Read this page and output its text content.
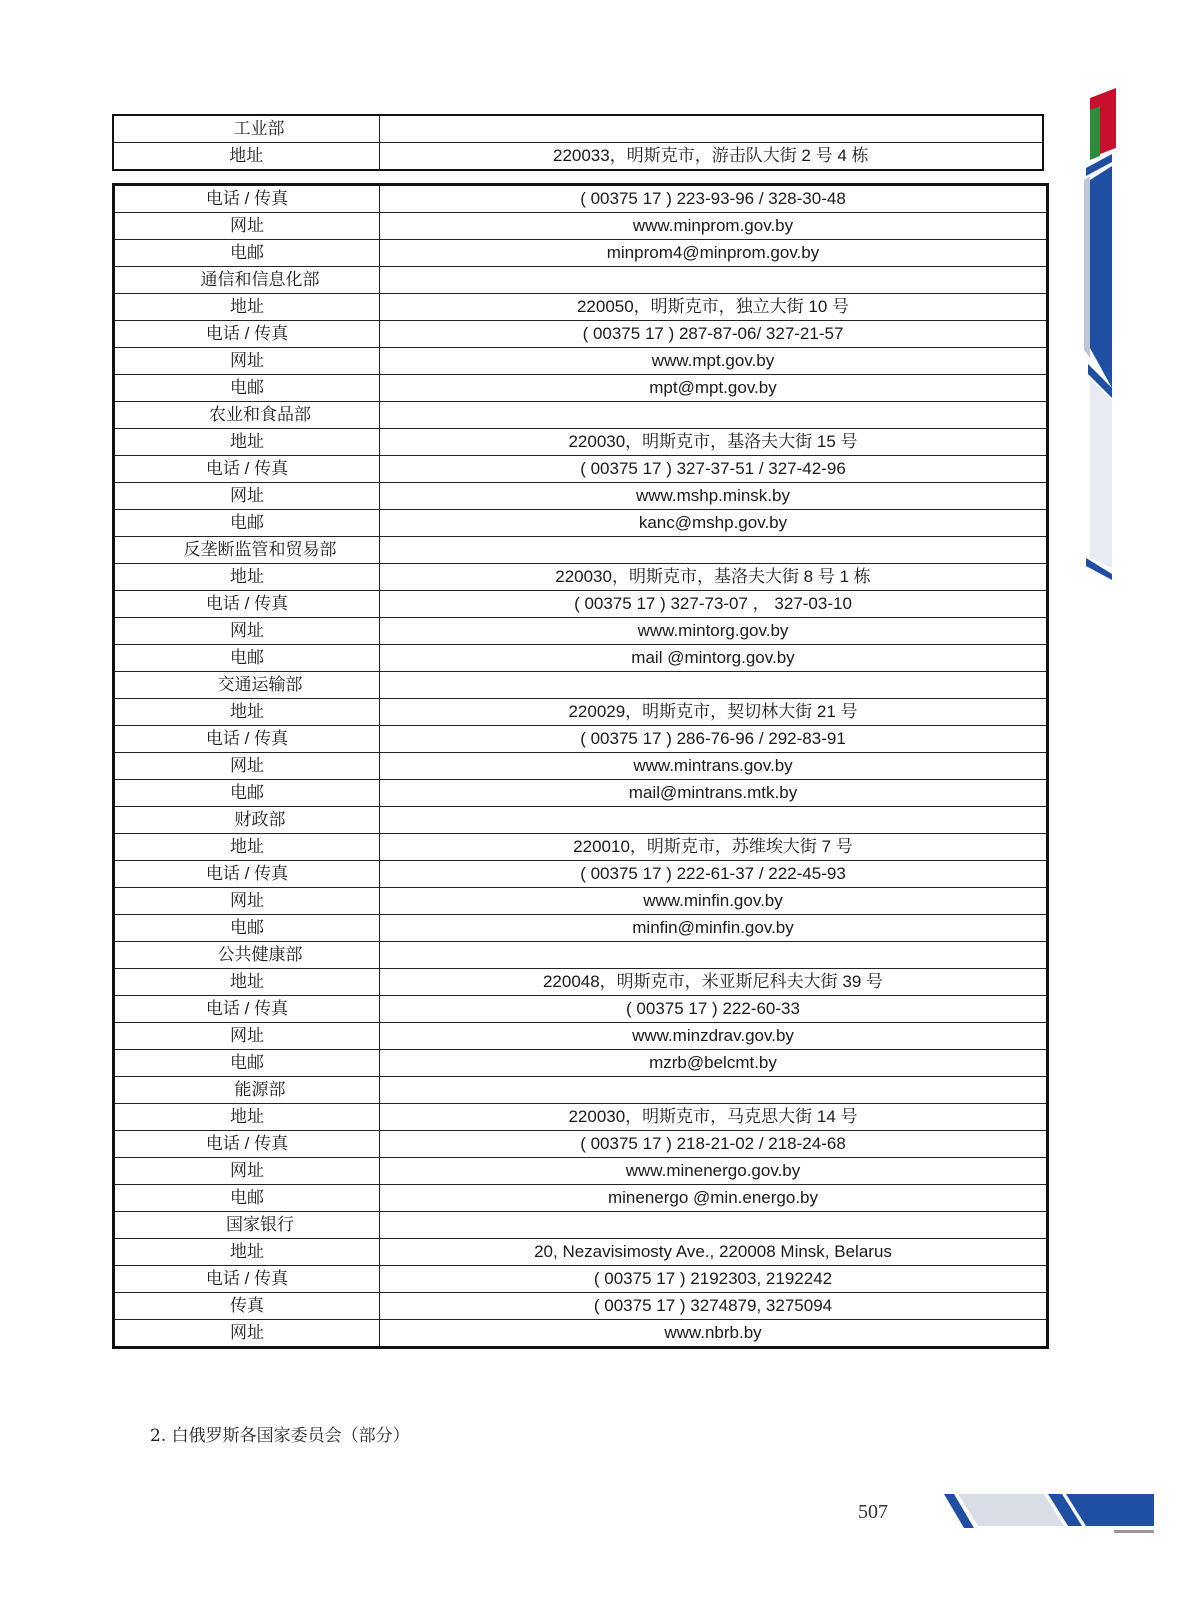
工业部	
地址	220033，明斯克市，游击队大街 2 号 4 栋
电话 / 传真	( 00375 17 ) 223-93-96 / 328-30-48
网址	www.minprom.gov.by
电邮	minprom4@minprom.gov.by
通信和信息化部	
地址	220050，明斯克市，独立大街 10 号
电话 / 传真	( 00375 17 ) 287-87-06/ 327-21-57
网址	www.mpt.gov.by
电邮	mpt@mpt.gov.by
农业和食品部	
地址	220030，明斯克市，基洛夫大街 15 号
电话 / 传真	( 00375 17 ) 327-37-51 / 327-42-96
网址	www.mshp.minsk.by
电邮	kanc@mshp.gov.by
反垄断监管和贸易部	
地址	220030，明斯克市，基洛夫大街 8 号 1 栋
电话 / 传真	( 00375 17 ) 327-73-07 ， 327-03-10
网址	www.mintorg.gov.by
电邮	mail @mintorg.gov.by
交通运输部	
地址	220029，明斯克市，契切林大街 21 号
电话 / 传真	( 00375 17 ) 286-76-96 / 292-83-91
网址	www.mintrans.gov.by
电邮	mail@mintrans.mtk.by
财政部	
地址	220010，明斯克市，苏维埃大街 7 号
电话 / 传真	( 00375 17 ) 222-61-37 / 222-45-93
网址	www.minfin.gov.by
电邮	minfin@minfin.gov.by
公共健康部	
地址	220048，明斯克市，米亚斯尼科夫大街 39 号
电话 / 传真	( 00375 17 ) 222-60-33
网址	www.minzdrav.gov.by
电邮	mzrb@belcmt.by
能源部	
地址	220030，明斯克市，马克思大街 14 号
电话 / 传真	( 00375 17 ) 218-21-02 / 218-24-68
网址	www.minenergo.gov.by
电邮	minenergo @min.energo.by
国家银行	
地址	20, Nezavisimosty Ave., 220008 Minsk, Belarus
电话 / 传真	( 00375 17 ) 2192303, 2192242
传真	( 00375 17 ) 3274879, 3275094
网址	www.nbrb.by
2. 白俄罗斯各国家委员会（部分）
507
